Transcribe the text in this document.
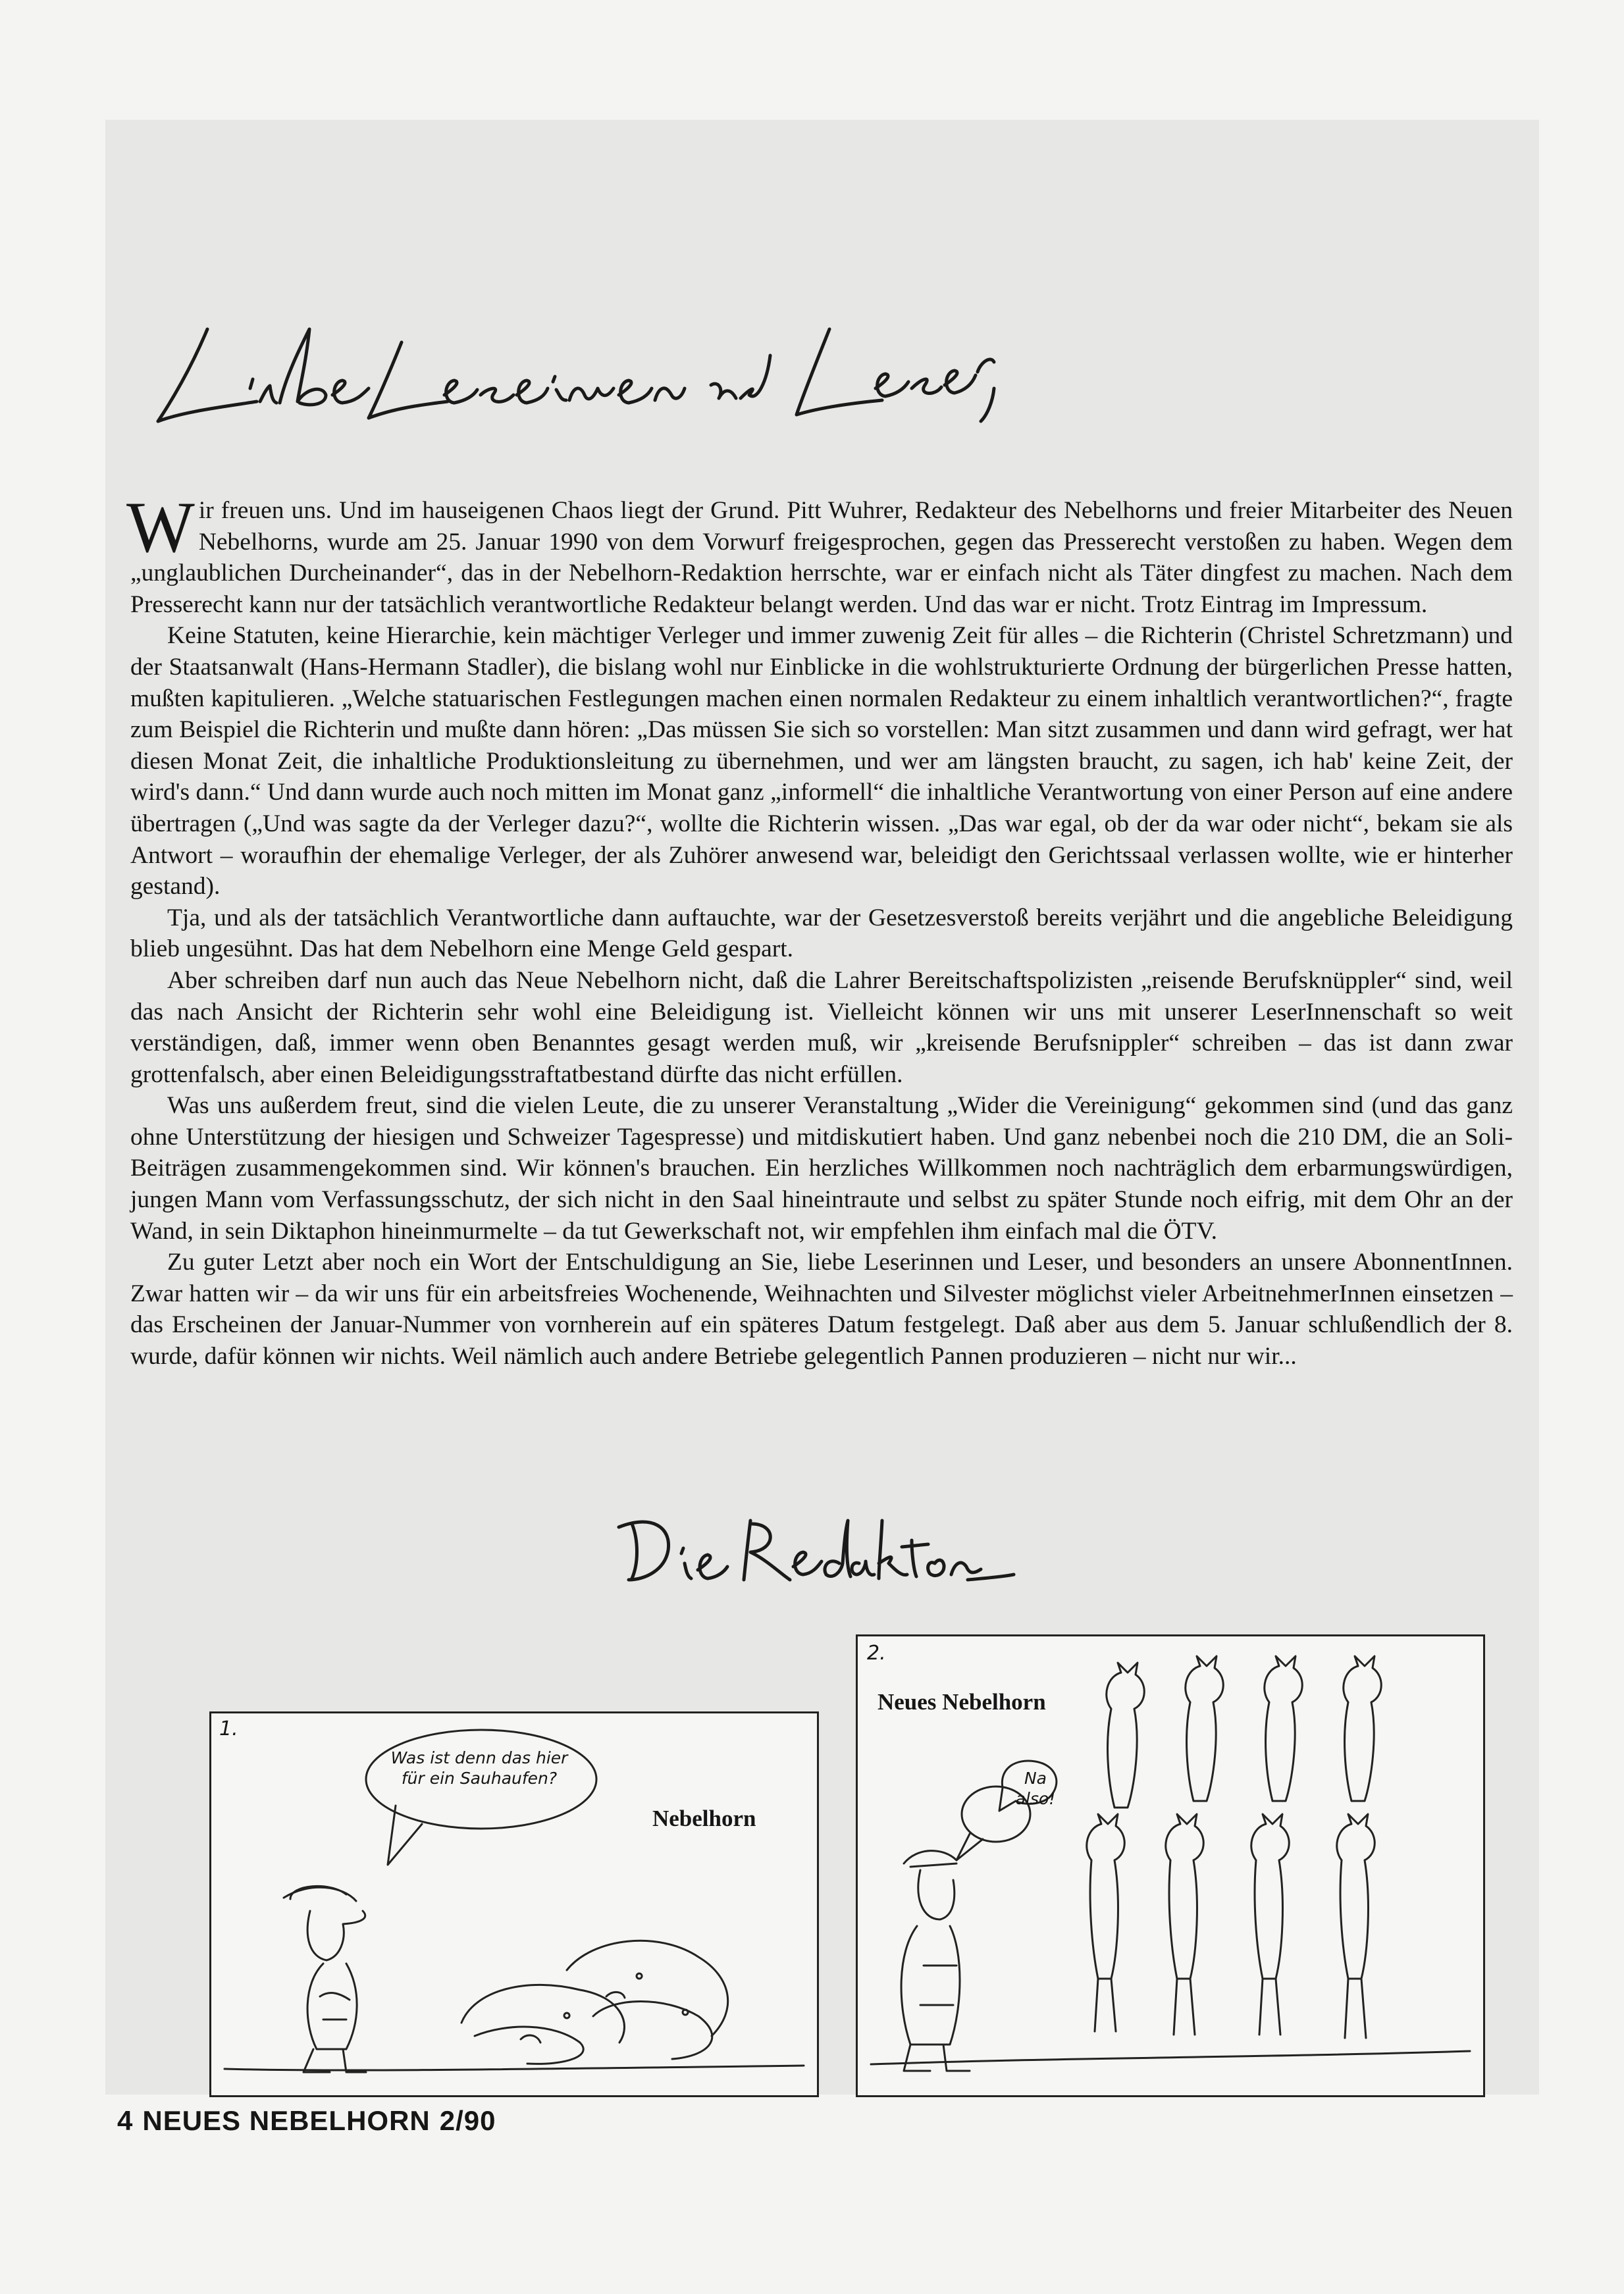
Wir freuen uns. Und im hauseigenen Chaos liegt der Grund. Pitt Wuhrer, Redakteur des Nebelhorns und freier Mitarbeiter des Neuen Nebelhorns, wurde am 25. Januar 1990 von dem Vorwurf freigesprochen, gegen das Presserecht verstoßen zu haben. Wegen dem „unglaublichen Durcheinander“, das in der Nebelhorn-Redaktion herrschte, war er einfach nicht als Täter dingfest zu machen. Nach dem Presserecht kann nur der tatsächlich verantwortliche Redakteur belangt werden. Und das war er nicht. Trotz Eintrag im Impressum.

Keine Statuten, keine Hierarchie, kein mächtiger Verleger und immer zuwenig Zeit für alles – die Richterin (Christel Schretzmann) und der Staatsanwalt (Hans-Hermann Stadler), die bislang wohl nur Einblicke in die wohlstrukturierte Ordnung der bürgerlichen Presse hatten, mußten kapitulieren. „Welche statuarischen Festlegungen machen einen normalen Redakteur zu einem inhaltlich verantwortlichen?“, fragte zum Beispiel die Richterin und mußte dann hören: „Das müssen Sie sich so vorstellen: Man sitzt zusammen und dann wird gefragt, wer hat diesen Monat Zeit, die inhaltliche Produktionsleitung zu übernehmen, und wer am längsten braucht, zu sagen, ich hab' keine Zeit, der wird's dann.“ Und dann wurde auch noch mitten im Monat ganz „informell“ die inhaltliche Verantwortung von einer Person auf eine andere übertragen („Und was sagte da der Verleger dazu?“, wollte die Richterin wissen. „Das war egal, ob der da war oder nicht“, bekam sie als Antwort – woraufhin der ehemalige Verleger, der als Zuhörer anwesend war, beleidigt den Gerichtssaal verlassen wollte, wie er hinterher gestand).

Tja, und als der tatsächlich Verantwortliche dann auftauchte, war der Gesetzesverstoß bereits verjährt und die angebliche Beleidigung blieb ungesühnt. Das hat dem Nebelhorn eine Menge Geld gespart.

Aber schreiben darf nun auch das Neue Nebelhorn nicht, daß die Lahrer Bereitschaftspolizisten „reisende Berufsknüppler“ sind, weil das nach Ansicht der Richterin sehr wohl eine Beleidigung ist. Vielleicht können wir uns mit unserer LeserInnenschaft so weit verständigen, daß, immer wenn oben Benanntes gesagt werden muß, wir „kreisende Berufsnippler“ schreiben – das ist dann zwar grottenfalsch, aber einen Beleidigungsstraftatbestand dürfte das nicht erfüllen.

Was uns außerdem freut, sind die vielen Leute, die zu unserer Veranstaltung „Wider die Vereinigung“ gekommen sind (und das ganz ohne Unterstützung der hiesigen und Schweizer Tagespresse) und mitdiskutiert haben. Und ganz nebenbei noch die 210 DM, die an Soli-Beiträgen zusammengekommen sind. Wir können's brauchen. Ein herzliches Willkommen noch nachträglich dem erbarmungswürdigen, jungen Mann vom Verfassungsschutz, der sich nicht in den Saal hineintraute und selbst zu später Stunde noch eifrig, mit dem Ohr an der Wand, in sein Diktaphon hineinmurmelte – da tut Gewerkschaft not, wir empfehlen ihm einfach mal die ÖTV.

Zu guter Letzt aber noch ein Wort der Entschuldigung an Sie, liebe Leserinnen und Leser, und besonders an unsere AbonnentInnen. Zwar hatten wir – da wir uns für ein arbeitsfreies Wochenende, Weihnachten und Silvester möglichst vieler ArbeitnehmerInnen einsetzen – das Erscheinen der Januar-Nummer von vornherein auf ein späteres Datum festgelegt. Daß aber aus dem 5. Januar schlußendlich der 8. wurde, dafür können wir nichts. Weil nämlich auch andere Betriebe gelegentlich Pannen produzieren – nicht nur wir...

1.
Nebelhorn
Was ist denn das hier
für ein Sauhaufen?
2.
Neues Nebelhorn
Na
also!
4 NEUES NEBELHORN 2/90
